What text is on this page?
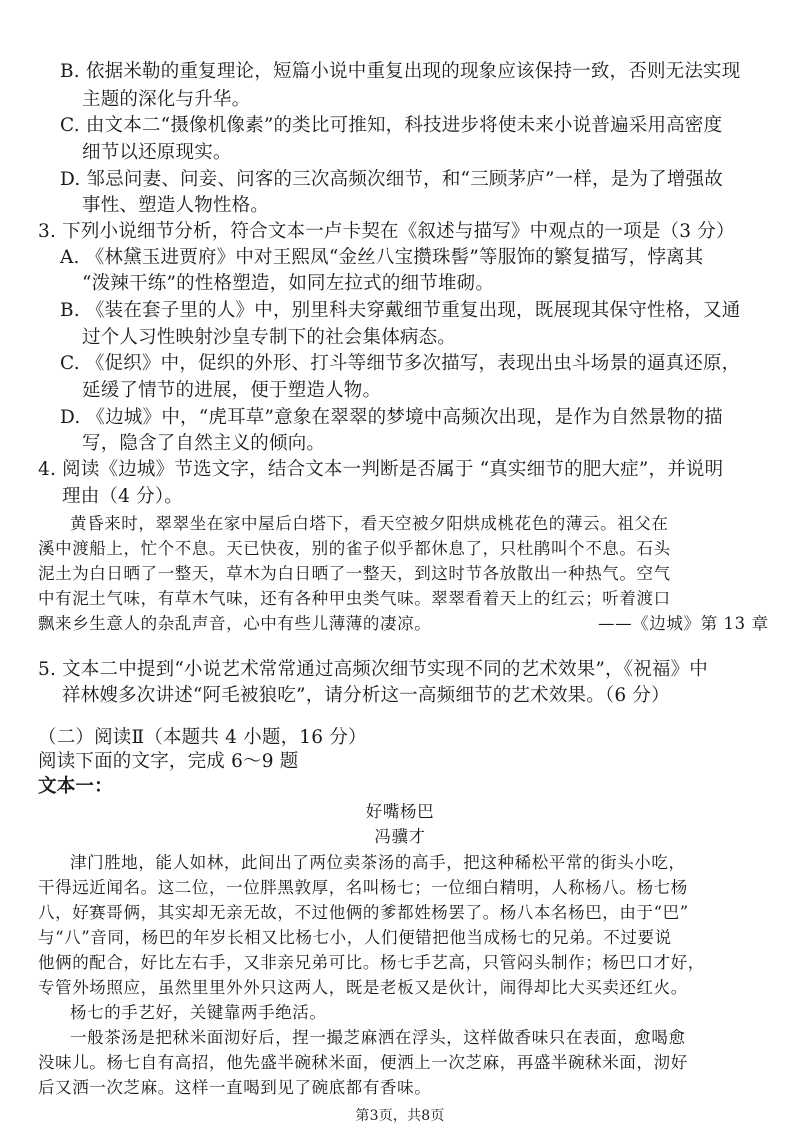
B. 依据米勒的重复理论，短篇小说中重复出现的现象应该保持一致，否则无法实现
主题的深化与升华。
C. 由文本二“摄像机像素”的类比可推知，科技进步将使未来小说普遍采用高密度
细节以还原现实。
D. 邹忌问妻、问妾、问客的三次高频次细节，和“三顾茅庐”一样，是为了增强故
事性、塑造人物性格。
3. 下列小说细节分析，符合文本一卢卡契在《叙述与描写》中观点的一项是（3 分）
A. 《林黛玉进贾府》中对王熙凤“金丝八宝攒珠髻”等服饰的繁复描写，悖离其
“泼辣干练”的性格塑造，如同左拉式的细节堆砌。
B. 《装在套子里的人》中，别里科夫穿戴细节重复出现，既展现其保守性格，又通
过个人习性映射沙皇专制下的社会集体病态。
C. 《促织》中，促织的外形、打斗等细节多次描写，表现出虫斗场景的逼真还原，
延缓了情节的进展，便于塑造人物。
D. 《边城》中，“虎耳草”意象在翠翠的梦境中高频次出现，是作为自然景物的描
写，隐含了自然主义的倾向。
4. 阅读《边城》节选文字，结合文本一判断是否属于 “真实细节的肥大症”，并说明
理由（4 分）。
黄昏来时，翠翠坐在家中屋后白塔下，看天空被夕阳烘成桃花色的薄云。祖父在
溪中渡船上，忙个不息。天已快夜，别的雀子似乎都休息了，只杜鹃叫个不息。石头
泥土为白日晒了一整天，草木为白日晒了一整天，到这时节各放散出一种热气。空气
中有泥土气味，有草木气味，还有各种甲虫类气味。翠翠看着天上的红云；听着渡口
飘来乡生意人的杂乱声音，心中有些儿薄薄的凄凉。	——《边城》第 13 章
5. 文本二中提到“小说艺术常常通过高频次细节实现不同的艺术效果”，《祝福》中
祥林嫂多次讲述“阿毛被狼吃”，请分析这一高频细节的艺术效果。（6 分）
（二）阅读Ⅱ（本题共 4 小题，16 分）
阅读下面的文字，完成 6～9 题
文本一：
好嘴杨巴
冯骥才
津门胜地，能人如林，此间出了两位卖茶汤的高手，把这种稀松平常的街头小吃，
干得远近闻名。这二位，一位胖黑敦厚，名叫杨七；一位细白精明，人称杨八。杨七杨
八，好赛哥俩，其实却无亲无故，不过他俩的爹都姓杨罢了。杨八本名杨巴，由于“巴”
与“八”音同，杨巴的年岁长相又比杨七小，人们便错把他当成杨七的兄弟。不过要说
他俩的配合，好比左右手，又非亲兄弟可比。杨七手艺高，只管闷头制作；杨巴口才好，
专管外场照应，虽然里里外外只这两人，既是老板又是伙计，闹得却比大买卖还红火。
杨七的手艺好，关键靠两手绝活。
一般茶汤是把秫米面沏好后，捏一撮芝麻洒在浮头，这样做香味只在表面，愈喝愈
没味儿。杨七自有高招，他先盛半碗秫米面，便洒上一次芝麻，再盛半碗秫米面，沏好
后又洒一次芝麻。这样一直喝到见了碗底都有香味。
第3页，共8页
